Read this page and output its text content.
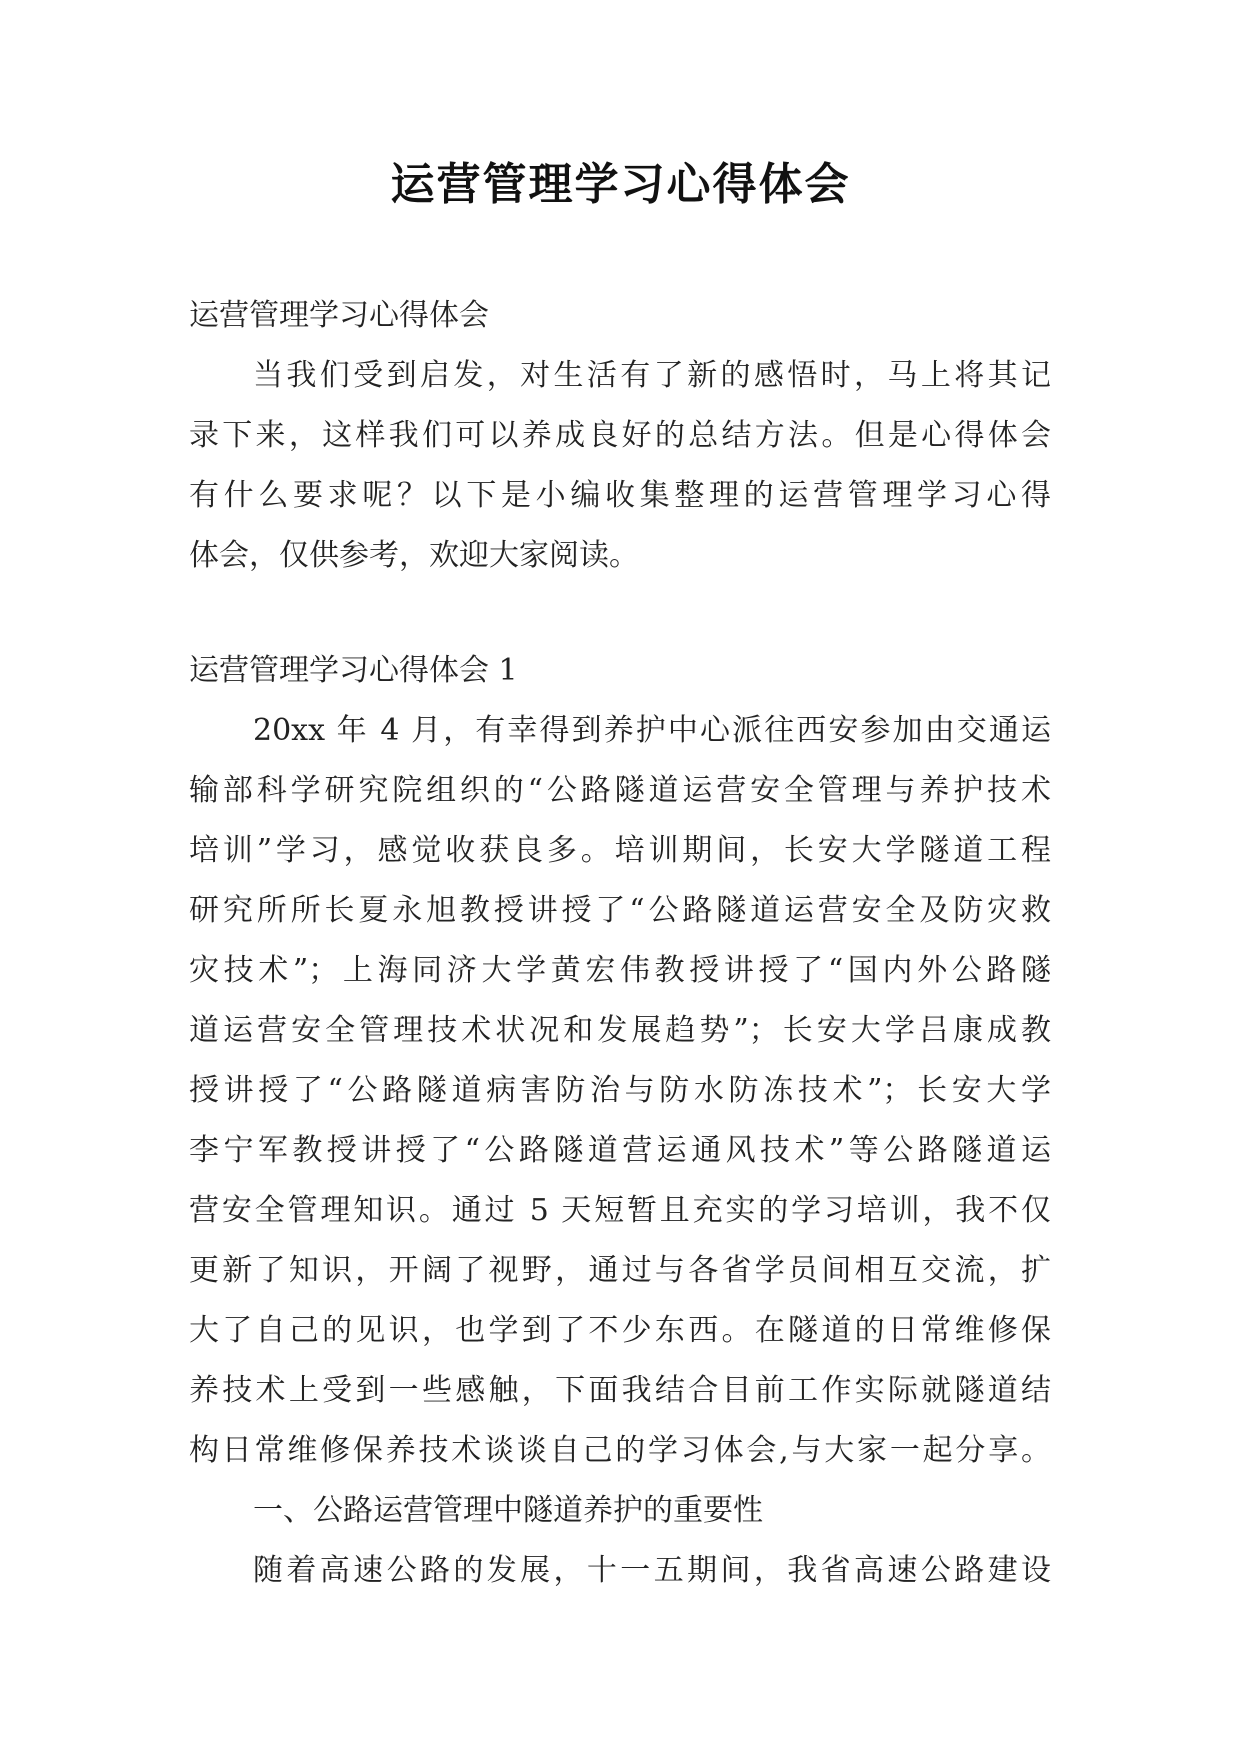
运营管理学习心得体会

运营管理学习心得体会

当我们受到启发，对生活有了新的感悟时，马上将其记

录下来，这样我们可以养成良好的总结方法。但是心得体会

有什么要求呢？以下是小编收集整理的运营管理学习心得

体会，仅供参考，欢迎大家阅读。

运营管理学习心得体会 1

20xx 年 4 月，有幸得到养护中心派往西安参加由交通运

输部科学研究院组织的“公路隧道运营安全管理与养护技术

培训”学习，感觉收获良多。培训期间，长安大学隧道工程

研究所所长夏永旭教授讲授了“公路隧道运营安全及防灾救

灾技术”；上海同济大学黄宏伟教授讲授了“国内外公路隧

道运营安全管理技术状况和发展趋势”；长安大学吕康成教

授讲授了“公路隧道病害防治与防水防冻技术”；长安大学

李宁军教授讲授了“公路隧道营运通风技术”等公路隧道运

营安全管理知识。通过 5 天短暂且充实的学习培训，我不仅

更新了知识，开阔了视野，通过与各省学员间相互交流，扩

大了自己的见识，也学到了不少东西。在隧道的日常维修保

养技术上受到一些感触，下面我结合目前工作实际就隧道结

构日常维修保养技术谈谈自己的学习体会,与大家一起分享。

一、公路运营管理中隧道养护的重要性

随着高速公路的发展，十一五期间，我省高速公路建设
